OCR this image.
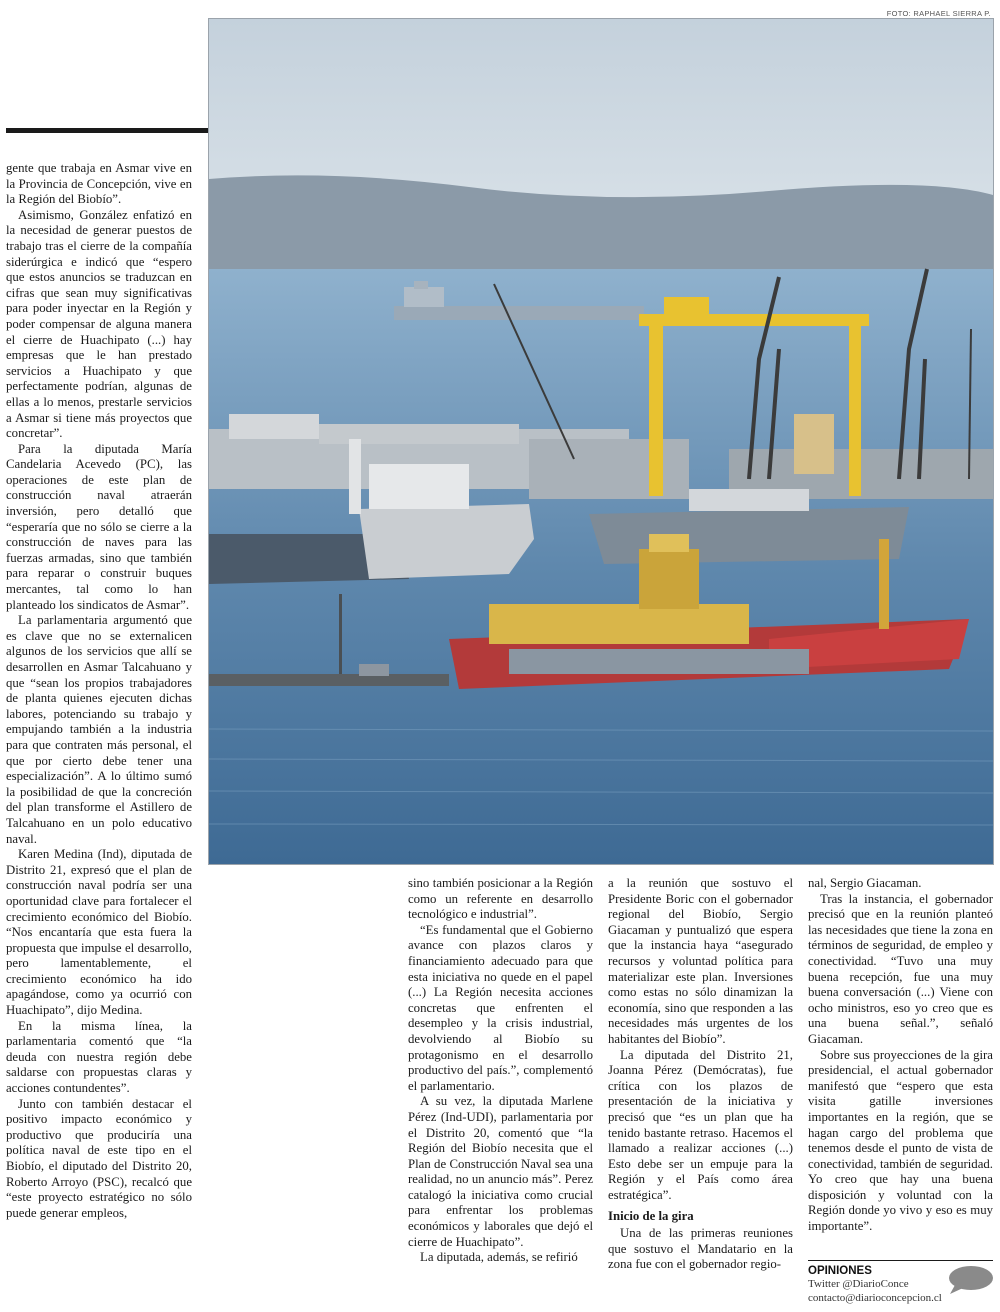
FOTO: RAPHAEL SIERRA P.

gente que trabaja en Asmar vive en la Provincia de Concepción, vive en la Región del Biobío”.

Asimismo, González enfatizó en la necesidad de generar puestos de trabajo tras el cierre de la compañía siderúrgica e indicó que “espero que estos anuncios se traduzcan en cifras que sean muy significativas para poder inyectar en la Región y poder compensar de alguna manera el cierre de Huachipato (...) hay empresas que le han prestado servicios a Huachipato y que perfectamente podrían, algunas de ellas a lo menos, prestarle servicios a Asmar si tiene más proyectos que concretar”.

Para la diputada María Candelaria Acevedo (PC), las operaciones de este plan de construcción naval atraerán inversión, pero detalló que “esperaría que no sólo se cierre a la construcción de naves para las fuerzas armadas, sino que también para reparar o construir buques mercantes, tal como lo han planteado los sindicatos de Asmar”.

La parlamentaria argumentó que es clave que no se externalicen algunos de los servicios que allí se desarrollen en Asmar Talcahuano y que “sean los propios trabajadores de planta quienes ejecuten dichas labores, potenciando su trabajo y empujando también a la industria para que contraten más personal, el que por cierto debe tener una especialización”. A lo último sumó la posibilidad de que la concreción del plan transforme el Astillero de Talcahuano en un polo educativo naval.

Karen Medina (Ind), diputada de Distrito 21, expresó que el plan de construcción naval podría ser una oportunidad clave para fortalecer el crecimiento económico del Biobío. “Nos encantaría que esta fuera la propuesta que impulse el desarrollo, pero lamentablemente, el crecimiento económico ha ido apagándose, como ya ocurrió con Huachipato”, dijo Medina.

En la misma línea, la parlamentaria comentó que “la deuda con nuestra región debe saldarse con propuestas claras y acciones contundentes”.

Junto con también destacar el positivo impacto económico y productivo que produciría una política naval de este tipo en el Biobío, el diputado del Distrito 20, Roberto Arroyo (PSC), recalcó que “este proyecto estratégico no sólo puede generar empleos,

sino también posicionar a la Región como un referente en desarrollo tecnológico e industrial”.

“Es fundamental que el Gobierno avance con plazos claros y financiamiento adecuado para que esta iniciativa no quede en el papel (...) La Región necesita acciones concretas que enfrenten el desempleo y la crisis industrial, devolviendo al Biobío su protagonismo en el desarrollo productivo del país.”, complementó el parlamentario.

A su vez, la diputada Marlene Pérez (Ind-UDI), parlamentaria por el Distrito 20, comentó que “la Región del Biobío necesita que el Plan de Construcción Naval sea una realidad, no un anuncio más”. Perez catalogó la iniciativa como crucial para enfrentar los problemas económicos y laborales que dejó el cierre de Huachipato”.

La diputada, además, se refirió

a la reunión que sostuvo el Presidente Boric con el gobernador regional del Biobío, Sergio Giacaman y puntualizó que espera que la instancia haya “asegurado recursos y voluntad política para materializar este plan. Inversiones como estas no sólo dinamizan la economía, sino que responden a las necesidades más urgentes de los habitantes del Biobío”.

La diputada del Distrito 21, Joanna Pérez (Demócratas), fue crítica con los plazos de presentación de la iniciativa y precisó que “es un plan que ha tenido bastante retraso. Hacemos el llamado a realizar acciones (...) Esto debe ser un empuje para la Región y el País como área estratégica”.

Inicio de la gira

Una de las primeras reuniones que sostuvo el Mandatario en la zona fue con el gobernador regio-

nal, Sergio Giacaman.

Tras la instancia, el gobernador precisó que en la reunión planteó las necesidades que tiene la zona en términos de seguridad, de empleo y conectividad. “Tuvo una muy buena recepción, fue una muy buena conversación (...) Viene con ocho ministros, eso yo creo que es una buena señal.”, señaló Giacaman.

Sobre sus proyecciones de la gira presidencial, el actual gobernador manifestó que “espero que esta visita gatille inversiones importantes en la región, que se hagan cargo del problema que tenemos desde el punto de vista de conectividad, también de seguridad. Yo creo que hay una buena disposición y voluntad con la Región donde yo vivo y eso es muy importante”.

OPINIONES
Twitter @DiarioConce
contacto@diarioconcepcion.cl
